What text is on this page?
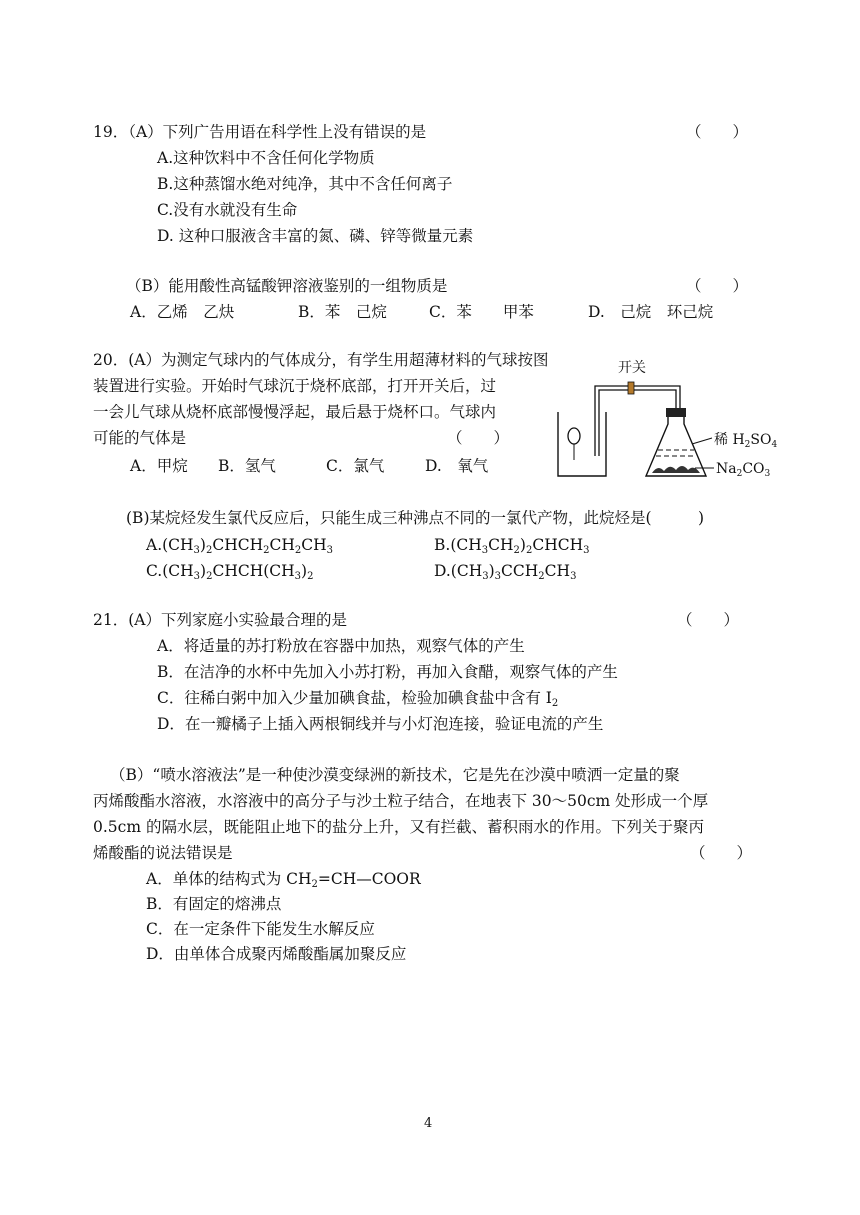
19．（A）下列广告用语在科学性上没有错误的是	（　　）
A.这种饮料中不含任何化学物质
B.这种蒸馏水绝对纯净，其中不含任何离子
C.没有水就没有生命
D. 这种口服液含丰富的氮、磷、锌等微量元素
（B）能用酸性高锰酸钾溶液鉴别的一组物质是	（　　）
A．乙烯　乙炔	B．苯　己烷	C．苯　　甲苯	D.　己烷　环己烷
20．(A）为测定气球内的气体成分，有学生用超薄材料的气球按图
装置进行实验。开始时气球沉于烧杯底部，打开开关后，过
一会儿气球从烧杯底部慢慢浮起，最后悬于烧杯口。气球内
可能的气体是	（　　）
A．甲烷 B．氢气	C．氯气	D.　氧气
开关
稀 $H_2SO_4$
$Na_2CO_3$
(B)某烷烃发生氯代反应后，只能生成三种沸点不同的一氯代产物，此烷烃是(　　　)
$A.(CH_3)_2CHCH_2CH_2CH_3$	$B.(CH_3CH_2)_2CHCH_3$
$C.(CH_3)_2CHCH(CH_3)_2$	$D.(CH_3)_3CCH_2CH_3$
21．(A）下列家庭小实验最合理的是	（　　）
A．将适量的苏打粉放在容器中加热，观察气体的产生
B．在洁净的水杯中先加入小苏打粉，再加入食醋，观察气体的产生
C．往稀白粥中加入少量加碘食盐，检验加碘食盐中含有 $I_2$
D．在一瓣橘子上插入两根铜线并与小灯泡连接，验证电流的产生
（B）“喷水溶液法”是一种使沙漠变绿洲的新技术，它是先在沙漠中喷洒一定量的聚
丙烯酸酯水溶液，水溶液中的高分子与沙土粒子结合，在地表下 30～50cm 处形成一个厚
0.5cm 的隔水层，既能阻止地下的盐分上升，又有拦截、蓄积雨水的作用。下列关于聚丙
烯酸酯的说法错误是	（　　）
A．单体的结构式为 $CH_2=CH—COOR$
B．有固定的熔沸点
C．在一定条件下能发生水解反应
D．由单体合成聚丙烯酸酯属加聚反应
4
